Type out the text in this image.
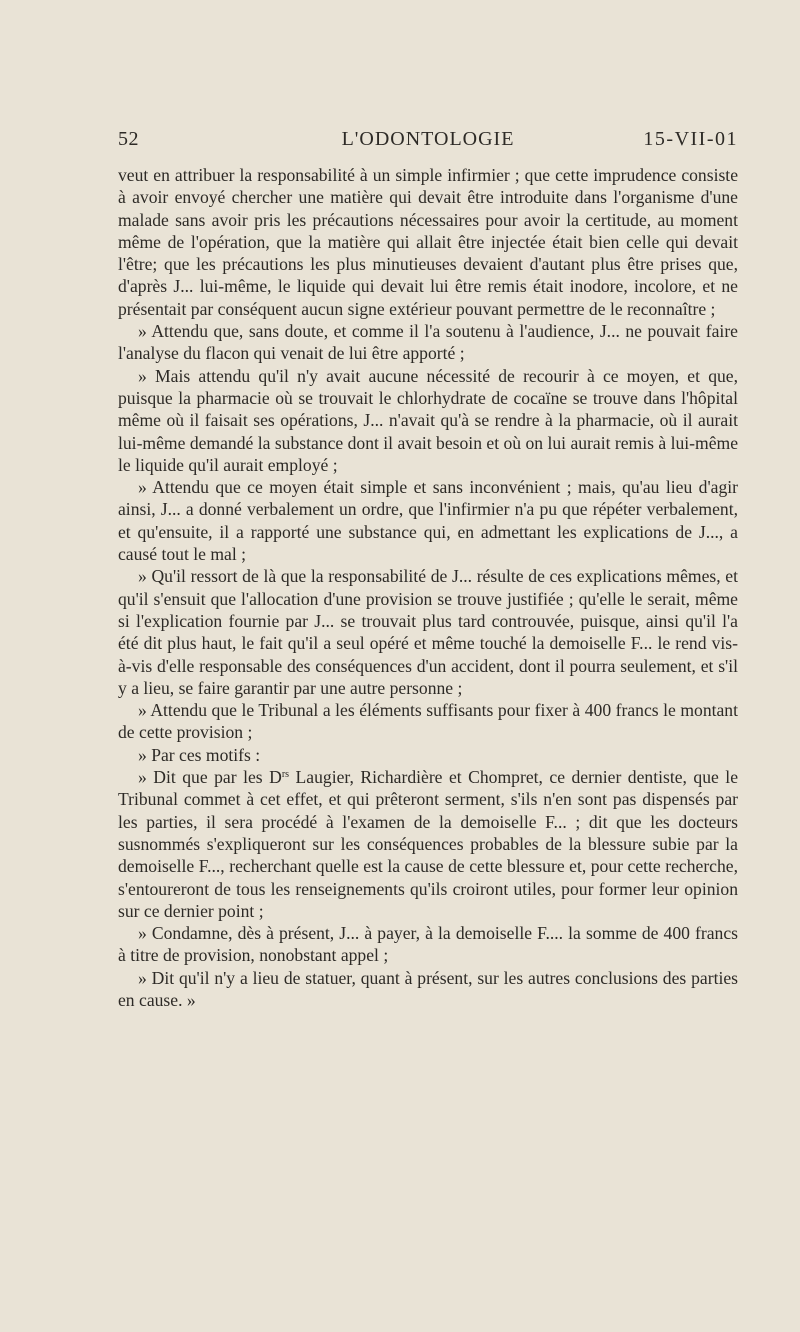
52	L'ODONTOLOGIE	15-VII-01

veut en attribuer la responsabilité à un simple infirmier ; que cette imprudence consiste à avoir envoyé chercher une matière qui devait être introduite dans l'organisme d'une malade sans avoir pris les précautions nécessaires pour avoir la certitude, au moment même de l'opération, que la matière qui allait être injectée était bien celle qui devait l'être; que les précautions les plus minutieuses devaient d'autant plus être prises que, d'après J... lui-même, le liquide qui devait lui être remis était inodore, incolore, et ne présentait par conséquent aucun signe extérieur pouvant permettre de le reconnaître ;

» Attendu que, sans doute, et comme il l'a soutenu à l'audience, J... ne pouvait faire l'analyse du flacon qui venait de lui être apporté ;

» Mais attendu qu'il n'y avait aucune nécessité de recourir à ce moyen, et que, puisque la pharmacie où se trouvait le chlorhydrate de cocaïne se trouve dans l'hôpital même où il faisait ses opérations, J... n'avait qu'à se rendre à la pharmacie, où il aurait lui-même demandé la substance dont il avait besoin et où on lui aurait remis à lui-même le liquide qu'il aurait employé ;

» Attendu que ce moyen était simple et sans inconvénient ; mais, qu'au lieu d'agir ainsi, J... a donné verbalement un ordre, que l'infirmier n'a pu que répéter verbalement, et qu'ensuite, il a rapporté une substance qui, en admettant les explications de J..., a causé tout le mal ;

» Qu'il ressort de là que la responsabilité de J... résulte de ces explications mêmes, et qu'il s'ensuit que l'allocation d'une provision se trouve justifiée ; qu'elle le serait, même si l'explication fournie par J... se trouvait plus tard controuvée, puisque, ainsi qu'il l'a été dit plus haut, le fait qu'il a seul opéré et même touché la demoiselle F... le rend vis-à-vis d'elle responsable des conséquences d'un accident, dont il pourra seulement, et s'il y a lieu, se faire garantir par une autre personne ;

» Attendu que le Tribunal a les éléments suffisants pour fixer à 400 francs le montant de cette provision ;

» Par ces motifs :

» Dit que par les $D^{rs}$ Laugier, Richardière et Chompret, ce dernier dentiste, que le Tribunal commet à cet effet, et qui prêteront serment, s'ils n'en sont pas dispensés par les parties, il sera procédé à l'examen de la demoiselle F... ; dit que les docteurs susnommés s'expliqueront sur les conséquences probables de la blessure subie par la demoiselle F..., recherchant quelle est la cause de cette blessure et, pour cette recherche, s'entoureront de tous les renseignements qu'ils croiront utiles, pour former leur opinion sur ce dernier point ;

» Condamne, dès à présent, J... à payer, à la demoiselle F.... la somme de 400 francs à titre de provision, nonobstant appel ;

» Dit qu'il n'y a lieu de statuer, quant à présent, sur les autres conclusions des parties en cause. »
